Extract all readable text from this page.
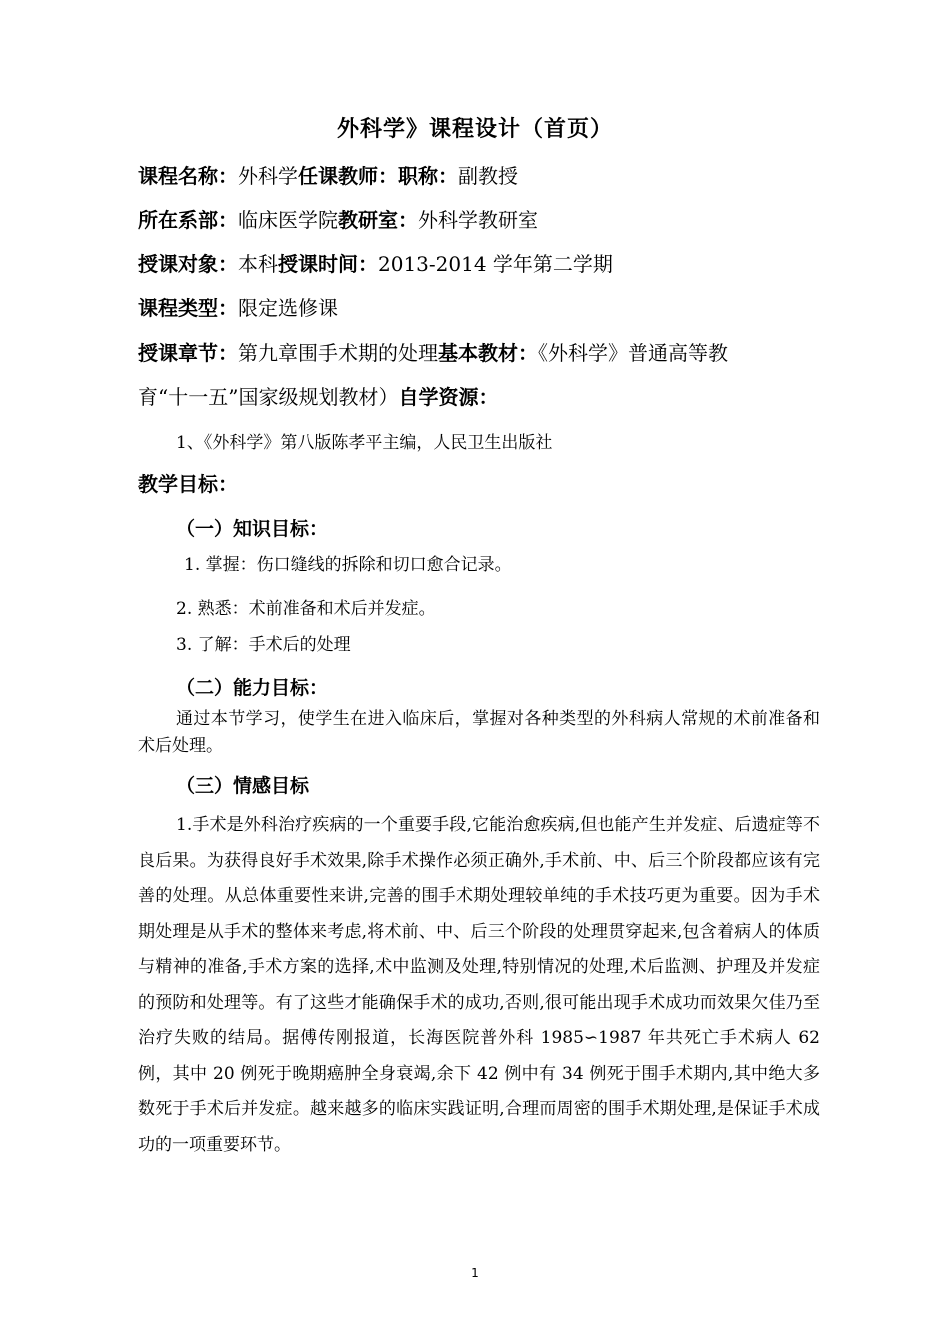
外科学》课程设计（首页）
课程名称：外科学任课教师：职称：副教授
所在系部：临床医学院教研室：外科学教研室
授课对象：本科授课时间：2013-2014 学年第二学期
课程类型：限定选修课
授课章节：第九章围手术期的处理基本教材：《外科学》普通高等教
育“十一五”国家级规划教材）自学资源：
1、《外科学》第八版陈孝平主编，人民卫生出版社
教学目标：
（一）知识目标：
1. 掌握：伤口缝线的拆除和切口愈合记录。
2. 熟悉：术前准备和术后并发症。
3. 了解：手术后的处理
（二）能力目标：
通过本节学习，使学生在进入临床后，掌握对各种类型的外科病人常规的术前准备和术后处理。
（三）情感目标
1.手术是外科治疗疾病的一个重要手段,它能治愈疾病,但也能产生并发症、后遗症等不良后果。为获得良好手术效果,除手术操作必须正确外,手术前、中、后三个阶段都应该有完善的处理。从总体重要性来讲,完善的围手术期处理较单纯的手术技巧更为重要。因为手术期处理是从手术的整体来考虑,将术前、中、后三个阶段的处理贯穿起来,包含着病人的体质与精神的准备,手术方案的选择,术中监测及处理,特别情况的处理,术后监测、护理及并发症的预防和处理等。有了这些才能确保手术的成功,否则,很可能出现手术成功而效果欠佳乃至治疗失败的结局。据傅传刚报道，长海医院普外科 1985∽1987 年共死亡手术病人 62 例，其中 20 例死于晚期癌肿全身衰竭,余下 42 例中有 34 例死于围手术期内,其中绝大多数死于手术后并发症。越来越多的临床实践证明,合理而周密的围手术期处理,是保证手术成功的一项重要环节。
1
